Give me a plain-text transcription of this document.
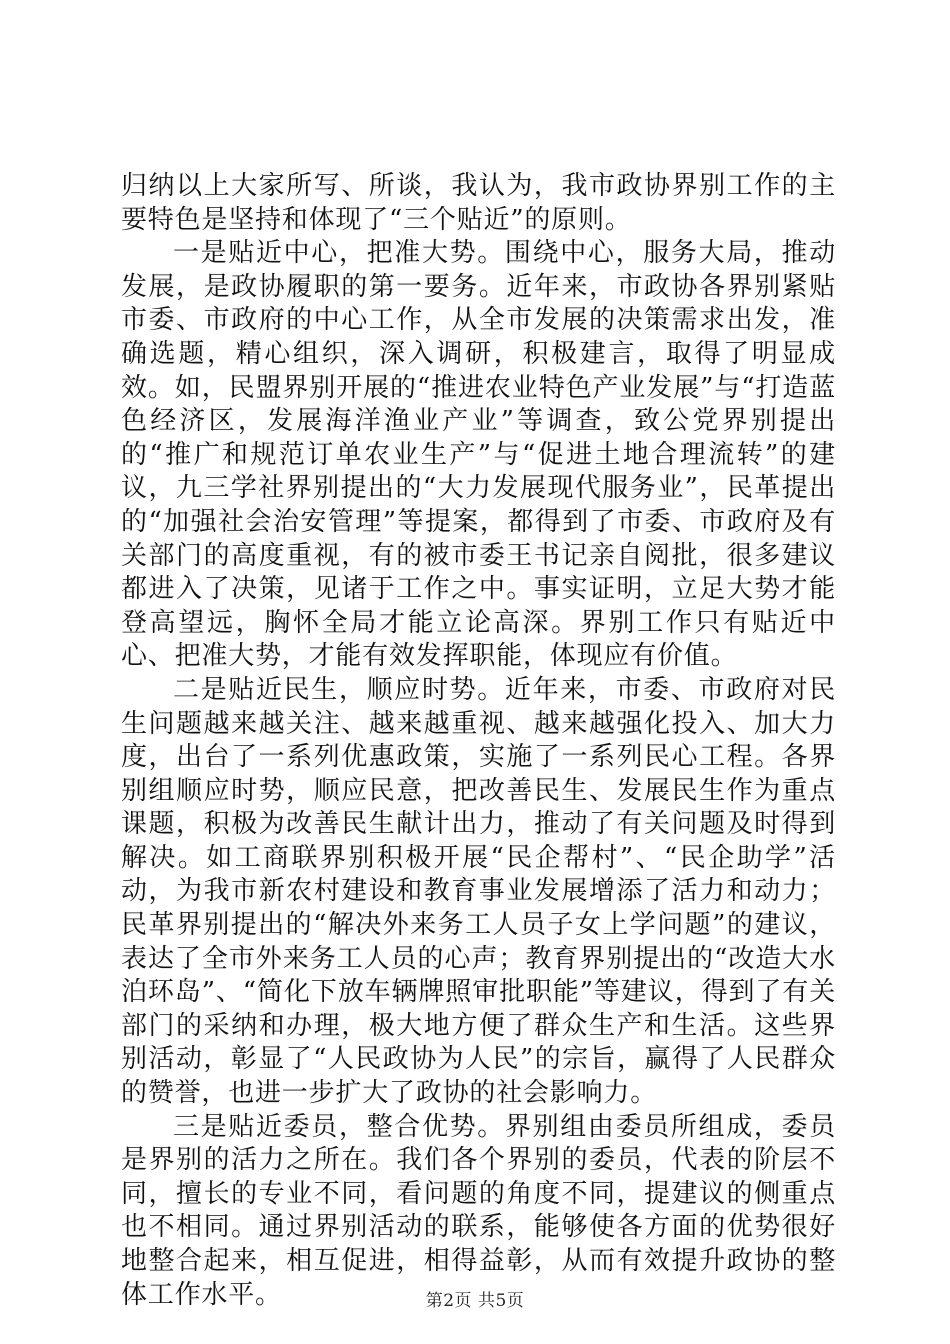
归纳以上大家所写、所谈，我认为，我市政协界别工作的主要特色是坚持和体现了“三个贴近”的原则。

一是贴近中心，把准大势。围绕中心，服务大局，推动发展，是政协履职的第一要务。近年来，市政协各界别紧贴市委、市政府的中心工作，从全市发展的决策需求出发，准确选题，精心组织，深入调研，积极建言，取得了明显成效。如，民盟界别开展的“推进农业特色产业发展”与“打造蓝色经济区，发展海洋渔业产业”等调查，致公党界别提出的“推广和规范订单农业生产”与“促进土地合理流转”的建议，九三学社界别提出的“大力发展现代服务业”，民革提出的“加强社会治安管理”等提案，都得到了市委、市政府及有关部门的高度重视，有的被市委王书记亲自阅批，很多建议都进入了决策，见诸于工作之中。事实证明，立足大势才能登高望远，胸怀全局才能立论高深。界别工作只有贴近中心、把准大势，才能有效发挥职能，体现应有价值。

二是贴近民生，顺应时势。近年来，市委、市政府对民生问题越来越关注、越来越重视、越来越强化投入、加大力度，出台了一系列优惠政策，实施了一系列民心工程。各界别组顺应时势，顺应民意，把改善民生、发展民生作为重点课题，积极为改善民生献计出力，推动了有关问题及时得到解决。如工商联界别积极开展“民企帮村”、“民企助学”活动，为我市新农村建设和教育事业发展增添了活力和动力；民革界别提出的“解决外来务工人员子女上学问题”的建议，表达了全市外来务工人员的心声；教育界别提出的“改造大水泊环岛”、“简化下放车辆牌照审批职能”等建议，得到了有关部门的采纳和办理，极大地方便了群众生产和生活。这些界别活动，彰显了“人民政协为人民”的宗旨，赢得了人民群众的赞誉，也进一步扩大了政协的社会影响力。

三是贴近委员，整合优势。界别组由委员所组成，委员是界别的活力之所在。我们各个界别的委员，代表的阶层不同，擅长的专业不同，看问题的角度不同，提建议的侧重点也不相同。通过界别活动的联系，能够使各方面的优势很好地整合起来，相互促进，相得益彰，从而有效提升政协的整体工作水平。	第2页 共5页
